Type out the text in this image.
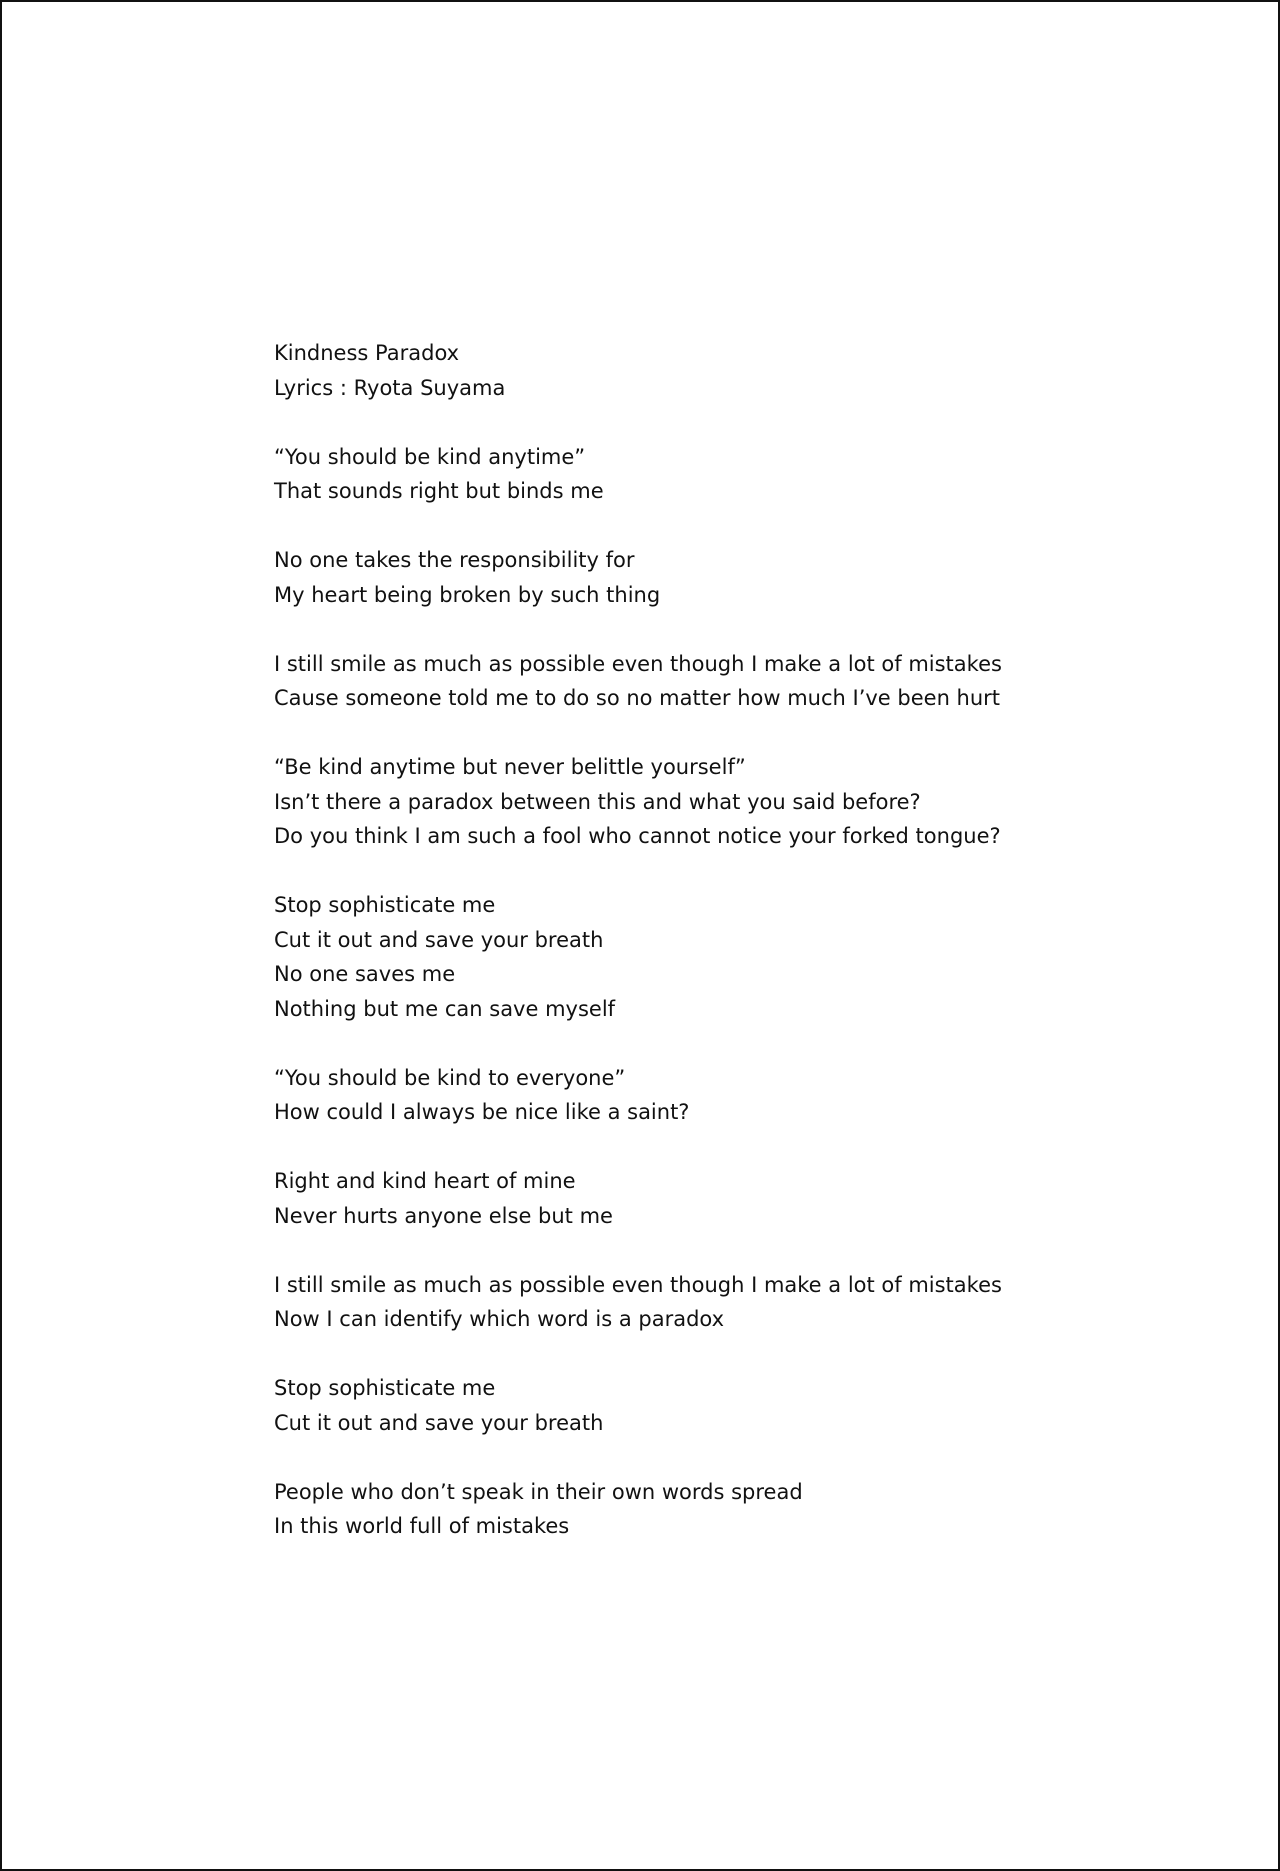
Kindness Paradox
Lyrics : Ryota Suyama
“You should be kind anytime”
That sounds right but binds me
No one takes the responsibility for
My heart being broken by such thing
I still smile as much as possible even though I make a lot of mistakes
Cause someone told me to do so no matter how much I’ve been hurt
“Be kind anytime but never belittle yourself”
Isn’t there a paradox between this and what you said before?
Do you think I am such a fool who cannot notice your forked tongue?
Stop sophisticate me
Cut it out and save your breath
No one saves me
Nothing but me can save myself
“You should be kind to everyone”
How could I always be nice like a saint?
Right and kind heart of mine
Never hurts anyone else but me
I still smile as much as possible even though I make a lot of mistakes
Now I can identify which word is a paradox
Stop sophisticate me
Cut it out and save your breath
People who don’t speak in their own words spread
In this world full of mistakes
